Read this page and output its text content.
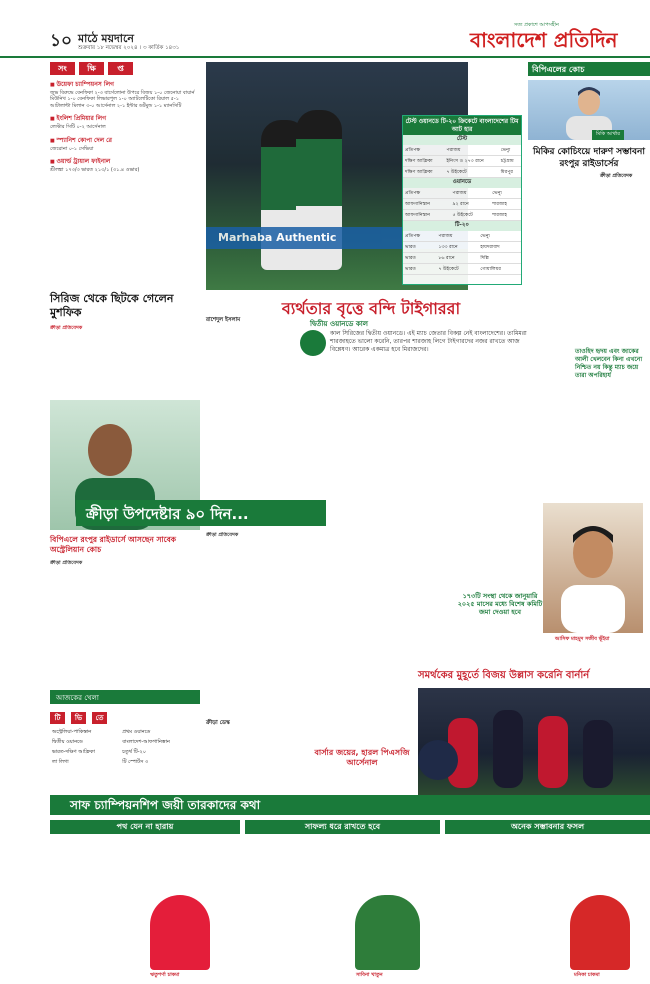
১০ মাঠে ময়দানে
শুক্রবার ১৮ নভেম্বর ২০২৪ । ৩ কার্তিক ১৪৩১
সত্য প্রকাশে আপসহীন
বাংলাদেশ প্রতিদিন
সং	ক্ষি	প্ত
■ উয়েফা চ্যাম্পিয়নস লিগ
জুভ বিরুদ্ধে বেনফিকা ২-৩ বার্সেলোনা উপরে বিজয় ১-০ জেনোয়া বায়ার্ন মিউনিখ ১-০ বেনফিকা লিভারপুল ১-০ অ্যাটলেটিকো রিয়াল ৫-১ আটালান্টা মিলান ৩-০ আর্সেনাল ২-১ ইন্টার ডর্টমুন্ড ১-১ ম্যানসিটি
■ ইংলিশ প্রিমিয়ার লিগ
লেস্টার সিটি ০-২ আর্সেনাল
■ স্প্যানিশ কোপা দেল রে
জেরোনা ০-১ সেভিয়া
■ ওয়ার্ল্ড ট্রায়াল ফাইনাল
শ্রীলঙ্কা ১৭৩/৩ ভারত ২১৩/১ (৩১.৪ ওভার)
সিরিজ থেকে ছিটকে গেলেন মুশফিক

ক্রীড়া প্রতিবেদক

Marhaba Authentic
টেস্ট ওয়ানডে টি-২০ ক্রিকেটে বাংলাদেশের টিম আট হার
টেস্ট
প্রতিপক্ষ	পরাজয়	ভেন্যু
দক্ষিণ আফ্রিকা	ইনিংস ও ২৭৩ রানে	চট্টগ্রাম
দক্ষিণ আফ্রিকা	৭ উইকেটে	মিরপুর
ওয়ানডে
প্রতিপক্ষ	পরাজয়	ভেন্যু
আফগানিস্তান	৯২ রানে	শারজাহ
আফগানিস্তান	৫ উইকেটে	শারজাহ
টি-২০
প্রতিপক্ষ	পরাজয়	ভেন্যু
ভারত	১৩৩ রানে	হায়দরাবাদ
ভারত	৮৬ রানে	দিল্লি
ভারত	৭ উইকেটে	গোয়ালিয়র
বিপিএলের কোচ
মিকি আর্থার
মিকির কোচিংয়ে দারুণ সম্ভাবনা রংপুর রাইডার্সের
ক্রীড়া প্রতিবেদক
ব্যর্থতার বৃত্তে বন্দি টাইগাররা
রাশেদুল ইসলাম	দ্বিতীয় ওয়ানডে কাল
কাল সিরিজের দ্বিতীয় ওয়ানডে। এই ম্যাচ জেতার বিকল্প নেই বাংলাদেশের। তামিমরা শারজাহতে ভালো করেনি, তারপর শারজাহ লিগে টাইগারদের নজর রাখতে আজ বিশ্লেষণ। আরেক একমাত্র হবে মিরাজদের।	তাওহিদ হৃদয় এবং জাকের আলী খেলবেন কিনা এখনো নিশ্চিত নয় কিন্তু ম্যাচ জয়ে তারা অপরিহার্য
বিপিএলে রংপুর রাইডার্সে আসছেন সাবেক অস্ট্রেলিয়ান কোচ

ক্রীড়া প্রতিবেদক

ক্রীড়া উপদেষ্টার ৯০ দিন...

ক্রীড়া প্রতিবেদক

১৭৩টি সংস্থা থেকে জানুয়ারি ২০২৫ মাসের মধ্যে বিশেষ কমিটি জমা দেওয়া হবে
আসিফ মাহমুদ সজীব ভূঁইয়া
আজকের খেলা
টি	ভি	তে
অস্ট্রেলিয়া-পাকিস্তান	প্রথম ওয়ানডে
দ্বিতীয় ওয়ানডে	বাংলাদেশ-আফগানিস্তান
ভারত-দক্ষিণ আফ্রিকা	চতুর্থ টি-২০
লা লিগা	টি স্পোর্টস ৩
সমর্থকের মুহূর্তে বিজয় উল্লাস করেনি বার্নার্ন
বার্সার জয়ের, হারল পিএসজি আর্সেনাল
ক্রীড়া ডেস্ক
সাফ চ্যাম্পিয়নশিপ জয়ী তারকাদের কথা
পথ যেন না হারায়	সাফল্য ধরে রাখতে হবে	অনেক সম্ভাবনার ফসল
ঋতুপর্ণা চাকমা	সাবিনা খাতুন	মনিকা চাকমা
